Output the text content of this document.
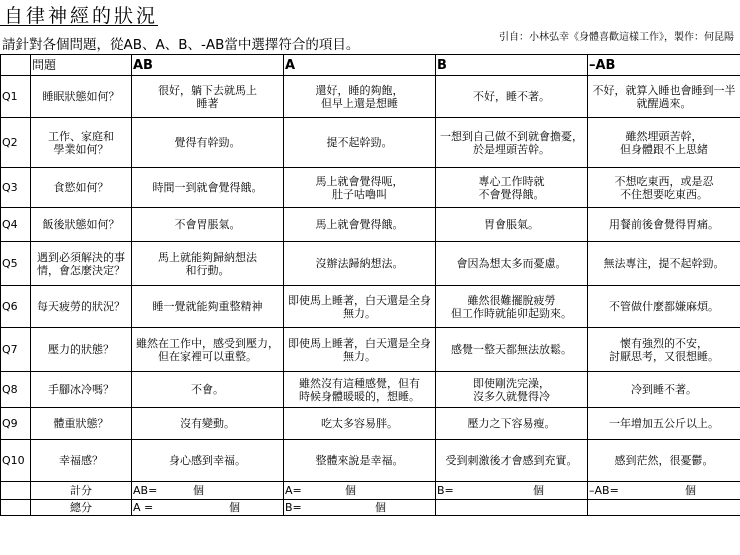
自律神經的狀況
請針對各個問題，從AB、A、B、-AB當中選擇符合的項目。	引自：小林弘幸《身體喜歡這樣工作》，製作：何昆陽
	問題	AB	A	B	–AB
Q1	睡眠狀態如何？	很好，躺下去就馬上
睡著	還好，睡的夠飽，
但早上還是想睡	不好，睡不著。	不好，就算入睡也會睡到一半
就醒過來。
Q2	工作、家庭和
學業如何？	覺得有幹勁。	提不起幹勁。	一想到自己做不到就會擔憂，
於是埋頭苦幹。	雖然埋頭苦幹，
但身體跟不上思緒
Q3	食慾如何？	時間一到就會覺得餓。	馬上就會覺得呃，
肚子咕嚕叫	專心工作時就
不會覺得餓。	不想吃東西，或是忍
不住想要吃東西。
Q4	飯後狀態如何？	不會胃脹氣。	馬上就會覺得餓。	胃會脹氣。	用餐前後會覺得胃痛。
Q5	遇到必須解決的事
情，會怎麼決定？	馬上就能夠歸納想法
和行動。	沒辦法歸納想法。	會因為想太多而憂慮。	無法專注，提不起幹勁。
Q6	每天疲勞的狀況？	睡一覺就能夠重整精神	即使馬上睡著，白天還是全身
無力。	雖然很難擺脫疲勞
但工作時就能卯起勁來。	不管做什麼都嫌麻煩。
Q7	壓力的狀態？	雖然在工作中，感受到壓力，
但在家裡可以重整。	即使馬上睡著，白天還是全身
無力。	感覺一整天都無法放鬆。	懷有強烈的不安，
討厭思考，又很想睡。
Q8	手腳冰冷嗎？	不會。	雖然沒有這種感覺，但有
時候身體暖暖的，想睡。	即使剛洗完澡，
沒多久就覺得冷	冷到睡不著。
Q9	體重狀態？	沒有變動。	吃太多容易胖。	壓力之下容易瘦。	一年增加五公斤以上。
Q10	幸福感？	身心感到幸福。	整體來說是幸福。	受到刺激後才會感到充實。	感到茫然，很憂鬱。
	計分	AB= 個	A= 個	B= 個	–AB= 個
	總分	A = 個	B= 個		
